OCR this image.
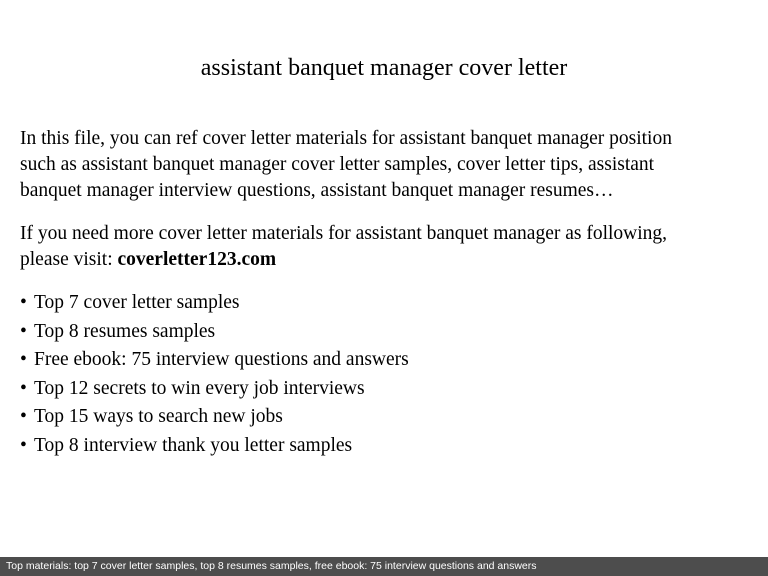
assistant banquet manager cover letter
In this file, you can ref cover letter materials for assistant banquet manager position
such as assistant banquet manager cover letter samples, cover letter tips, assistant
banquet manager interview questions, assistant banquet manager resumes…
If you need more cover letter materials for assistant banquet manager as following,
please visit: coverletter123.com
• Top 7 cover letter samples
• Top 8 resumes samples
• Free ebook: 75 interview questions and answers
• Top 12 secrets to win every job interviews
• Top 15 ways to search new jobs
• Top 8 interview thank you letter samples
Top materials: top 7 cover letter samples, top 8 resumes samples, free ebook: 75 interview questions and answers
